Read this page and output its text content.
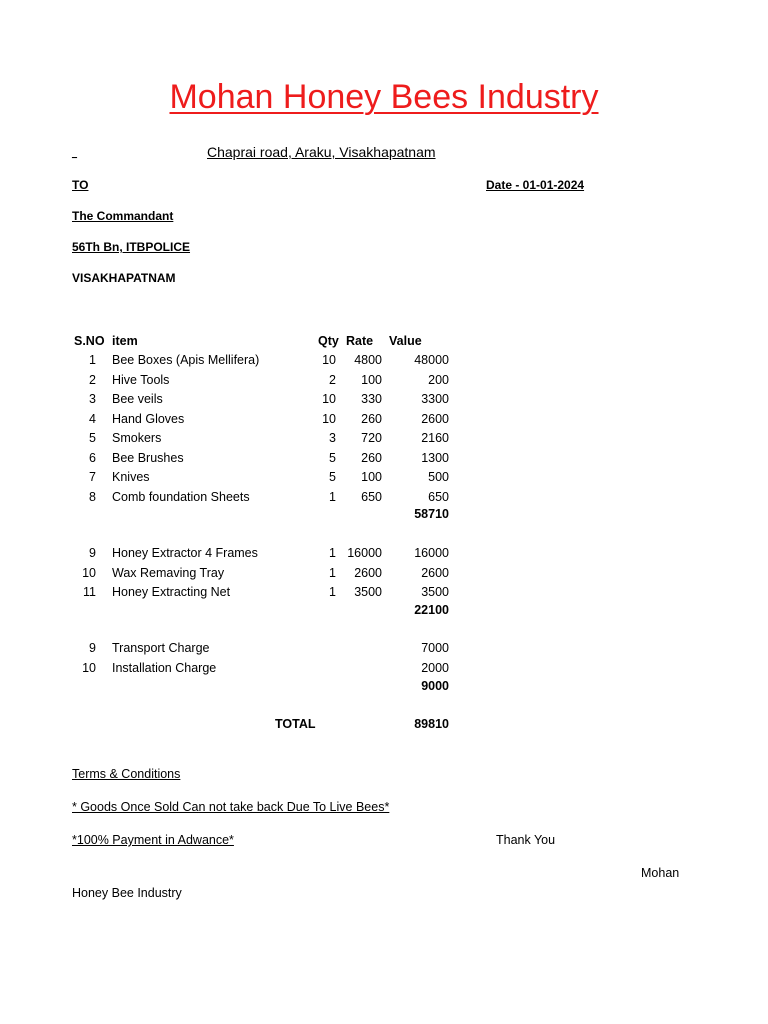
Mohan Honey Bees Industry
_	Chaprai road, Araku, Visakhapatnam
TO	Date - 01-01-2024
The Commandant
56Th Bn, ITBPOLICE
VISAKHAPATNAM
S.NO item	Qty Rate Value
1 Bee Boxes (Apis Mellifera)	10	4800	48000
2 Hive Tools	2	100	200
3 Bee veils	10	330	3300
4 Hand Gloves	10	260	2600
5 Smokers	3	720	2160
6 Bee Brushes	5	260	1300
7 Knives	5	100	500
8 Comb foundation Sheets	1	650	650
58710
9 Honey Extractor 4 Frames	1 16000	16000
10 Wax Remaving Tray	1	2600	2600
11 Honey Extracting Net	1	3500	3500
22100
9 Transport Charge	7000
10 Installation Charge	2000
9000
TOTAL	89810
Terms & Conditions
* Goods Once Sold Can not take back Due To Live Bees*
*100% Payment in Adwance*	Thank You
Mohan
Honey Bee Industry
